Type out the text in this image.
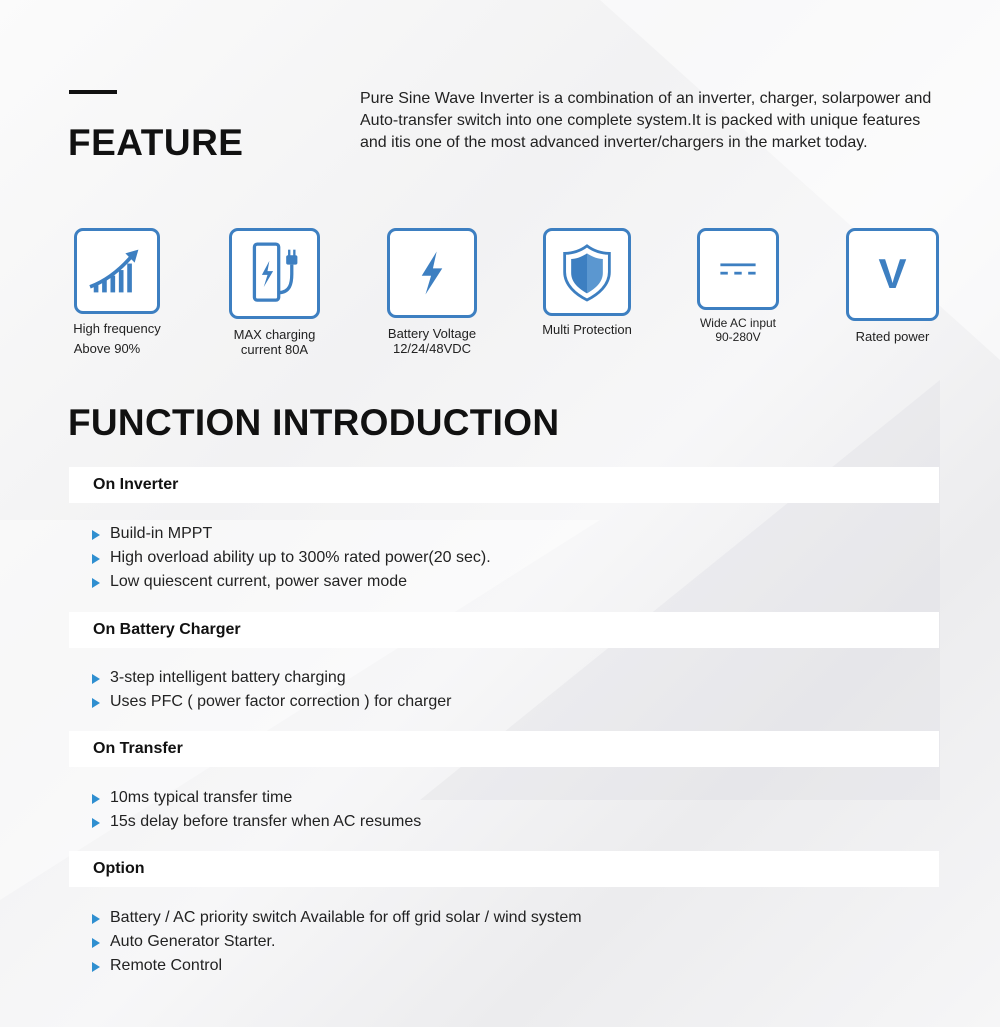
FEATURE
Pure Sine Wave Inverter is a combination of an inverter, charger, solarpower and Auto-transfer switch into one complete system.It is packed with unique features and itis one of the most advanced inverter/chargers in the market today.
High frequency
Above 90%
MAX charging
current 80A
Battery Voltage
12/24/48VDC
Multi Protection	Wide AC input
90-280V
V
Rated power
FUNCTION INTRODUCTION
On Inverter
Build-in MPPT
High overload ability up to 300% rated power(20 sec).
Low quiescent current, power saver mode
On Battery Charger
3-step intelligent battery charging
Uses PFC ( power factor correction ) for charger
On Transfer
10ms typical transfer time
15s delay before transfer when AC resumes
Option
Battery / AC priority switch Available for off grid solar / wind system
Auto Generator Starter.
Remote Control
